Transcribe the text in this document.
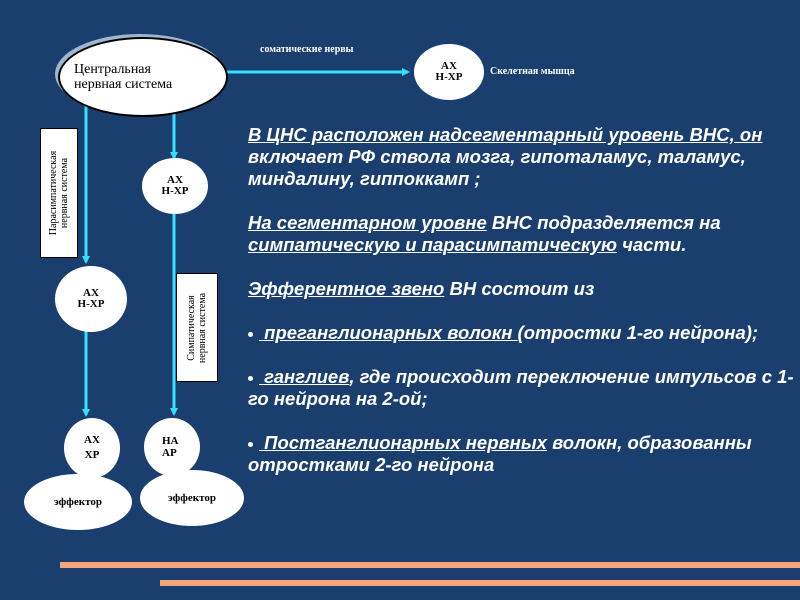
Центральная
нервная система
соматические нервы
АХ
Н-ХР	Скелетная мышца
Парасимпатическая
нервная система
Симпатическая
нервная система
АХ
Н-ХР
АХ
Н-ХР
АХ
ХР
НА
АР
эффектор	эффектор

В ЦНС расположен надсегментарный уровень ВНС, он включает РФ ствола мозга, гипоталамус, таламус, миндалину, гиппоккамп ;

На сегментарном уровне ВНС подразделяется на симпатическую и парасимпатическую части.

Эфферентное звено ВН состоит из

преганглионарных волокн (отростки 1-го нейрона);

ганглиев, где происходит переключение импульсов с 1-го нейрона на 2-ой;

Постганглионарных нервных волокн, образованны отростками 2-го нейрона
